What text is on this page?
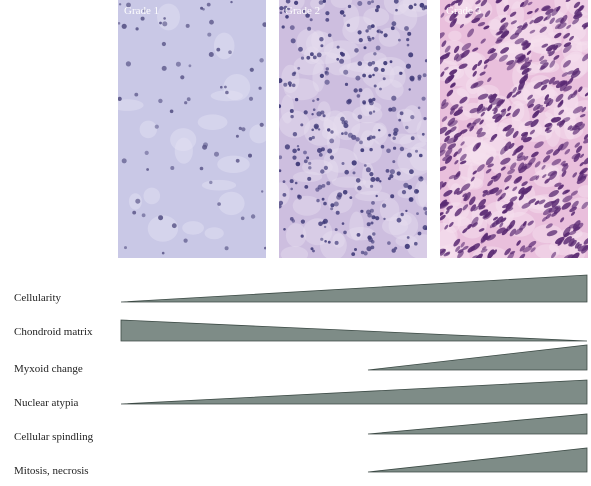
Grade 1	Grade 2	Grade 3
Cellularity
Chondroid matrix
Myxoid change
Nuclear atypia
Cellular spindling
Mitosis, necrosis
